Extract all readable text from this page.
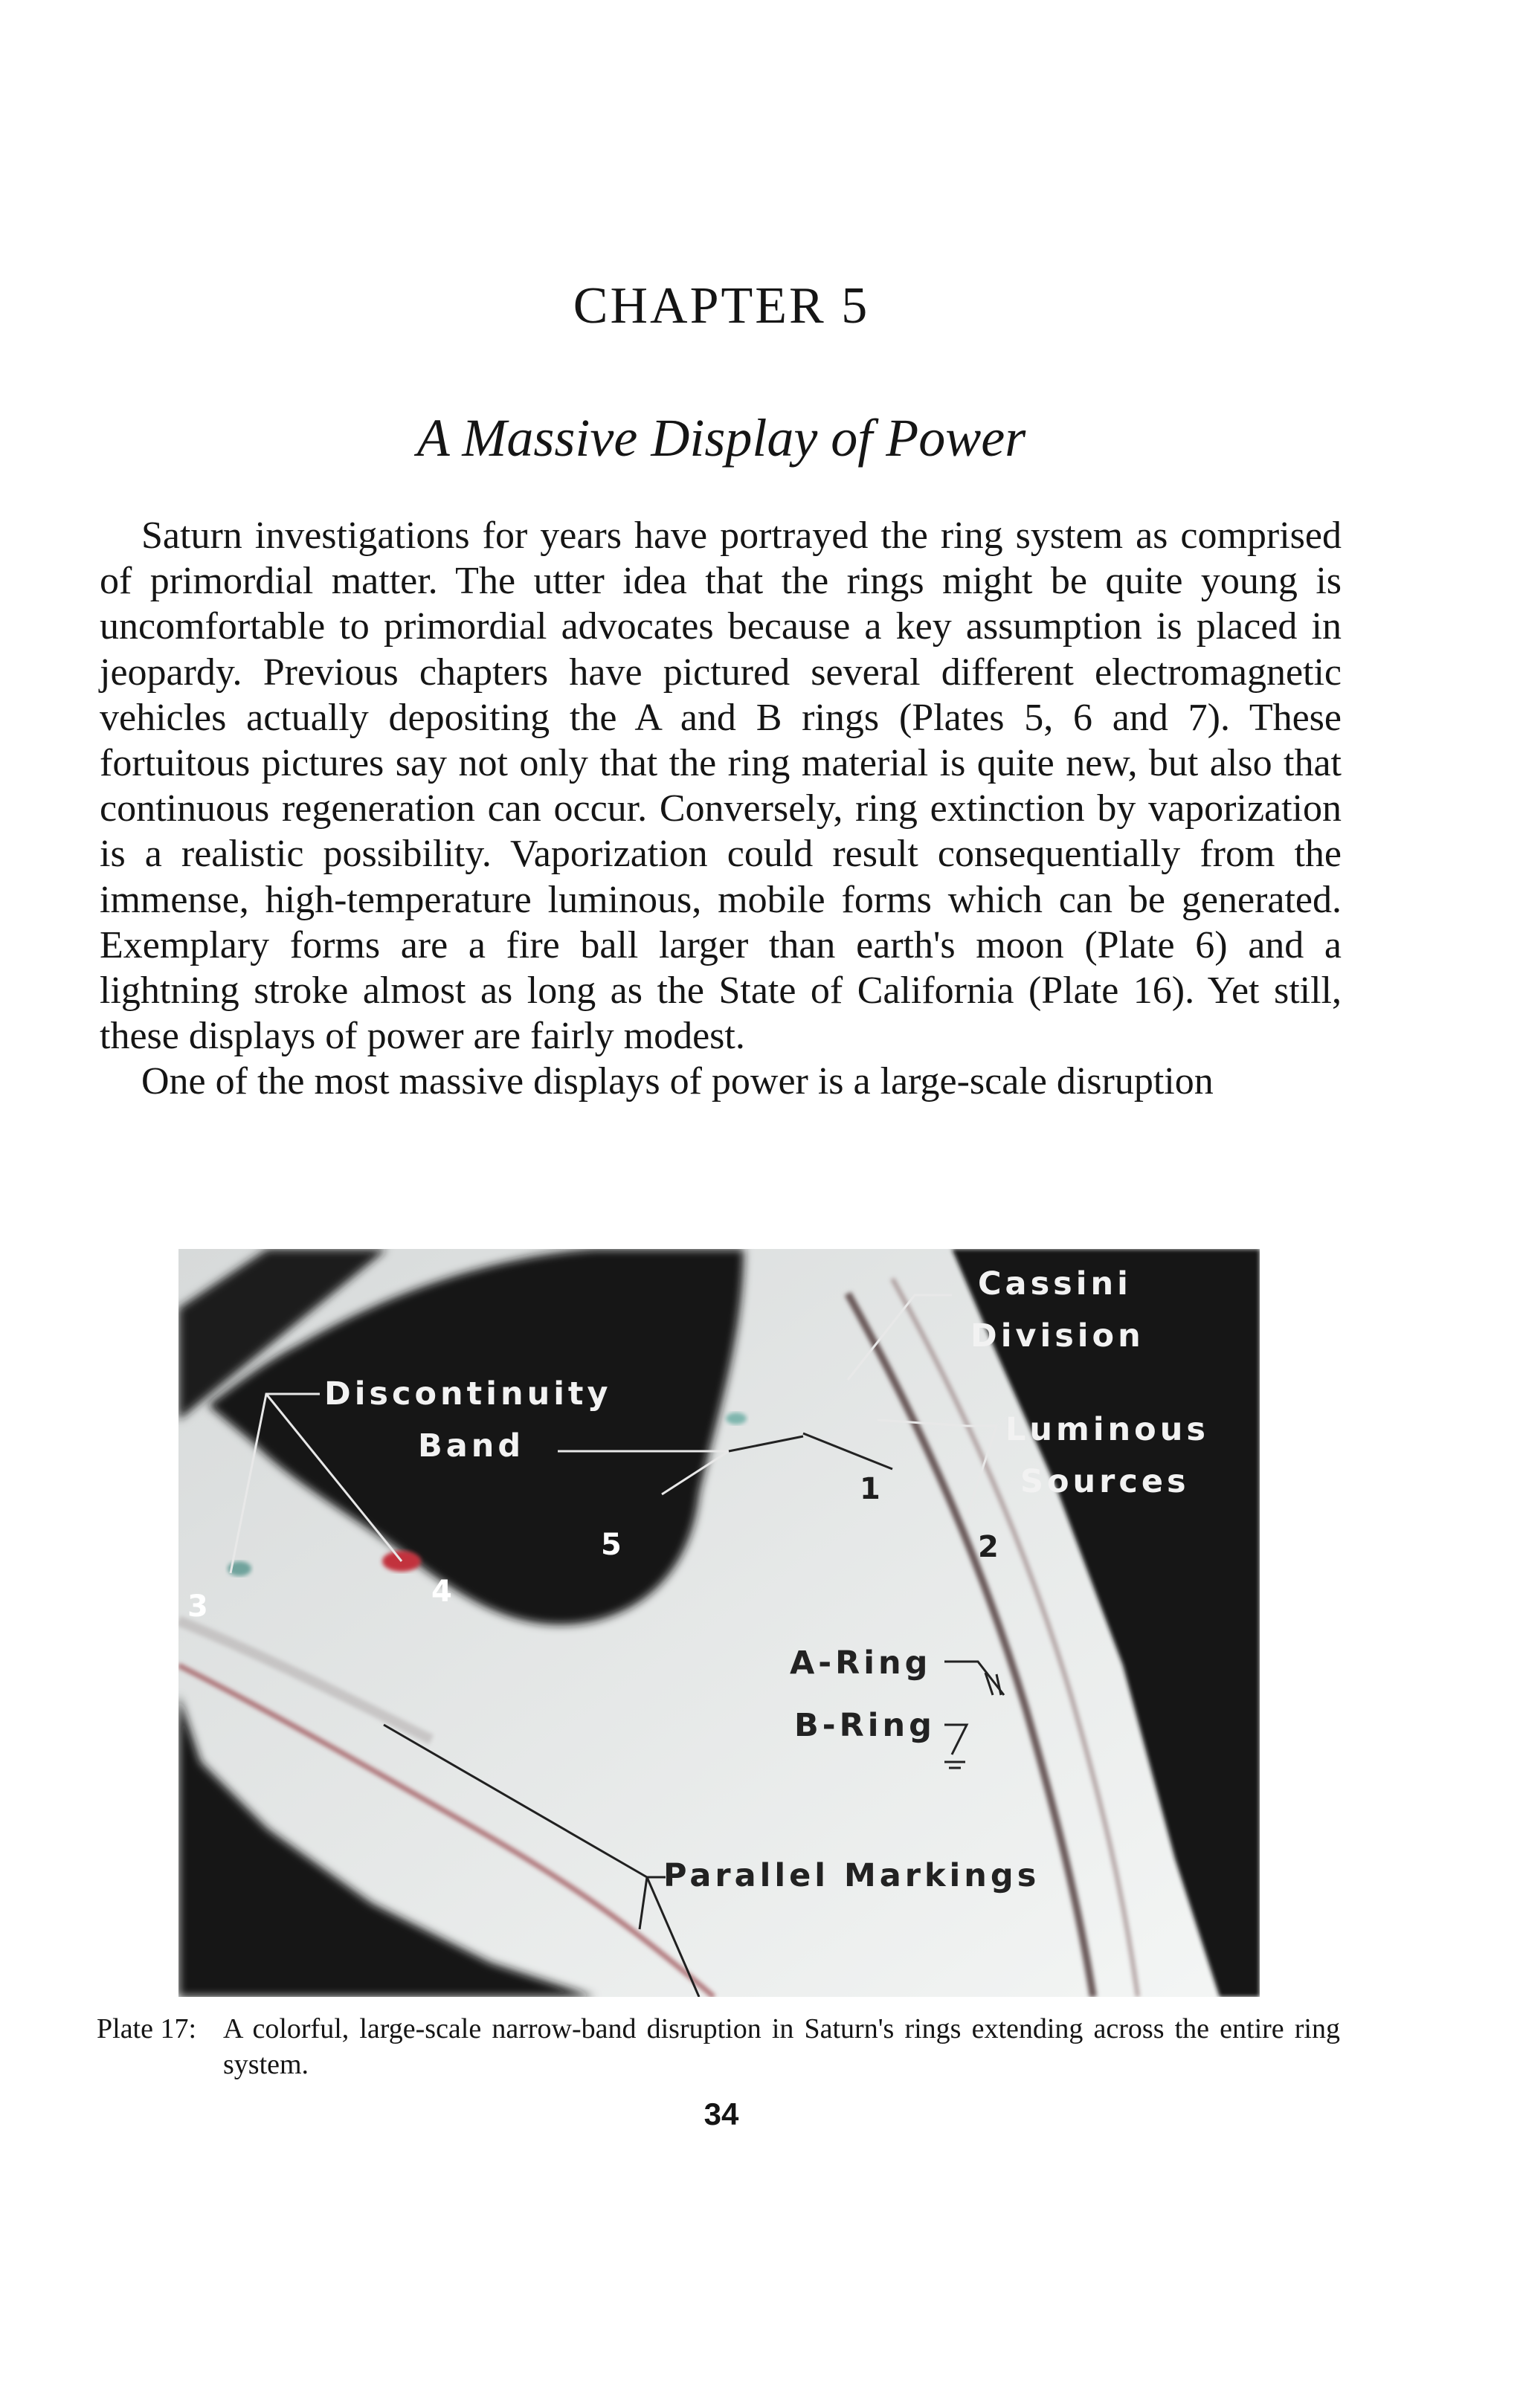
CHAPTER 5
A Massive Display of Power

Saturn investigations for years have portrayed the ring system as comprised of primordial matter. The utter idea that the rings might be quite young is uncomfortable to primordial advocates because a key assumption is placed in jeopardy. Previous chapters have pictured several different electromagnetic vehicles actually depositing the A and B rings (Plates 5, 6 and 7). These fortuitous pictures say not only that the ring material is quite new, but also that continuous regeneration can occur. Conversely, ring extinction by vaporization is a realistic possibility. Vaporization could result consequentially from the immense, high-temperature luminous, mobile forms which can be generated. Exemplary forms are a fire ball larger than earth's moon (Plate 6) and a lightning stroke almost as long as the State of California (Plate 16). Yet still, these displays of power are fairly modest.

One of the most massive displays of power is a large-scale disruption

Cassini
Division
Discontinuity
Band	Luminous
Sources
A-Ring
B-Ring
Parallel Markings
1
2
3	4
5
Plate 17: A colorful, large-scale narrow-band disruption in Saturn's rings extending across the entire ring system.
34
